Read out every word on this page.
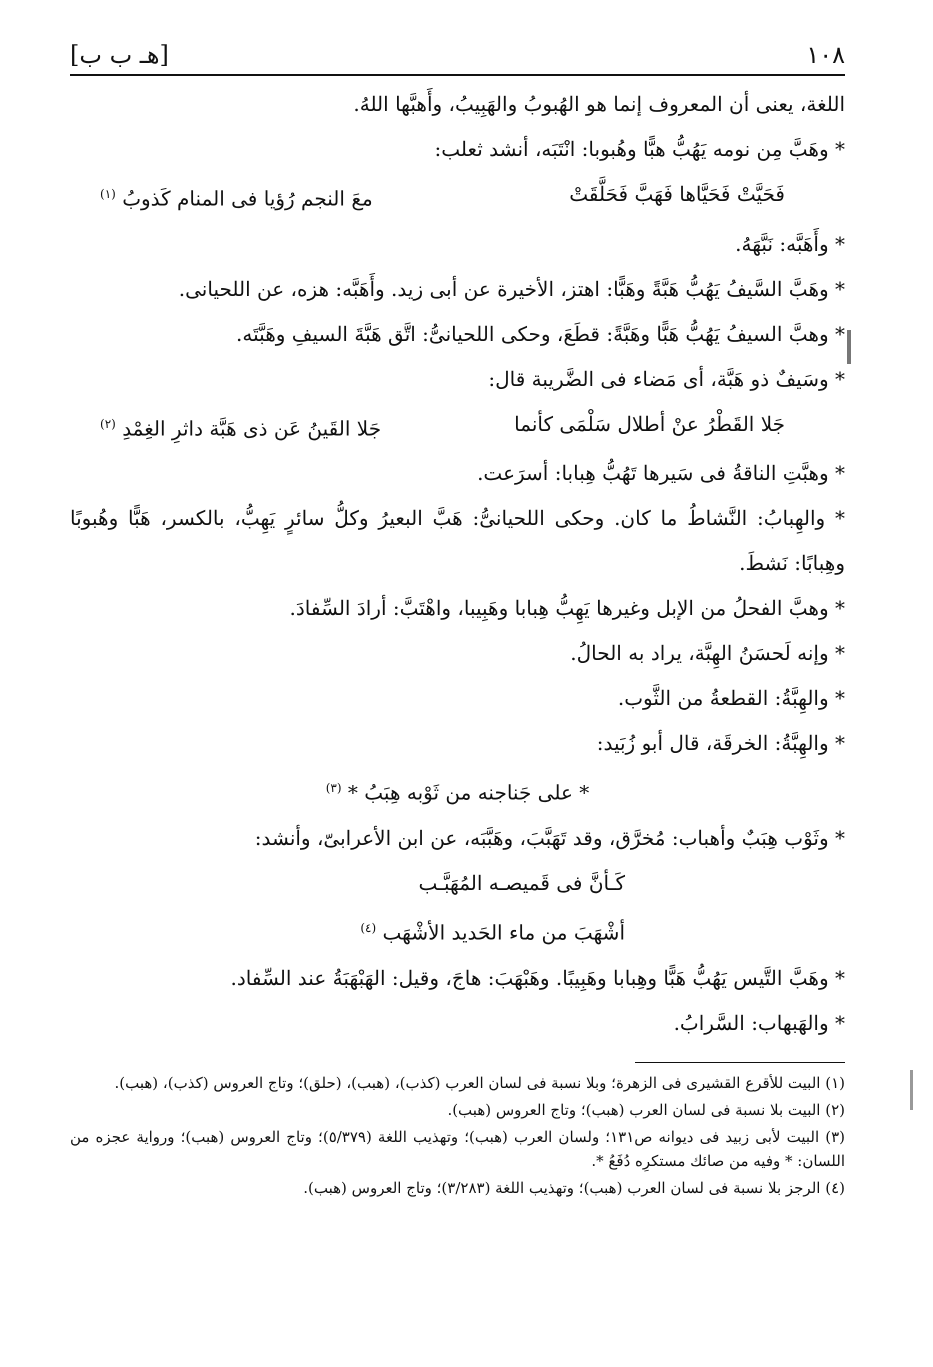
١٠٨
[هـ ب ب]

اللغة، يعنى أن المعروف إنما هو الهُبوبُ والهَبِيبُ، وأَهبَّها اللهُ.

* وهَبَّ مِن نومه يَهُبُّ هبًّا وهُبوبا: انْتَبَه، أنشد ثعلب:

فَحَيَّتْ فَحَيَّاها فَهَبَّ فَحَلَّقَتْ
معَ النجم رُؤيا فى المنام كَذوبُ $^{(١)}$

* وأَهَبَّه: نَبَّهَهُ.

* وهَبَّ السَّيفُ يَهُبُّ هَبَّةً وهَبًّا: اهتز، الأخيرة عن أبى زيد. وأَهَبَّه: هزه، عن اللحيانى.

* وهبَّ السيفُ يَهُبُّ هَبًّا وهَبَّةً: قطَعَ، وحكى اللحيانىُّ: اتَّق هَبَّةَ السيفِ وهَبَّتَه.

* وسَيفٌ ذو هَبَّة، أى مَضاء فى الضَّريبة قال:

جَلا القَطْرُ عنْ أطلال سَلْمَى كأنما
جَلا القَينُ عَن ذى هَبَّة داثرِ الغِمْدِ $^{(٢)}$

* وهبَّتِ الناقةُ فى سَيرها تَهُبُّ هِبابا: أسرَعت.

* والهِبابُ: النَّشاطُ ما كان. وحكى اللحيانىُّ: هَبَّ البعيرُ وكلُّ سائرٍ يَهِبُّ، بالكسر، هَبًّا وهُبوبًا وهِبابًا: نَشطَ.

* وهبَّ الفحلُ من الإبل وغيرها يَهِبُّ هِبابا وهَبِيبا، واهْتَبَّ: أرادَ السِّفادَ.

* وإنه لَحسَنُ الهِبَّة، يراد به الحالُ.

* والهِبَّةُ: القطعةُ من الثَّوب.

* والهِبَّةُ: الخرقَة، قال أبو زُبَيد:

* على جَناجنه من ثَوْبه هِبَبُ * $^{(٣)}$

* وثَوْب هِبَبٌ وأهباب: مُخرَّق، وقد تَهَبَّبَ، وهَبَّبَه، عن ابن الأعرابىّ، وأنشد:

كَـأنَّ فى قَميصـه المُهَبَّـب
أشْهَبَ من ماء الحَديد الأشْهَب $^{(٤)}$

* وهَبَّ التَّيس يَهُبُّ هَبًّا وهِبابا وهَبِيبًا. وهَبْهَبَ: هاجَ، وقيل: الهَبْهَبَةُ عند السِّفاد.

* والهَبهاب: السَّرابُ.

(١) البيت للأقرع القشيرى فى الزهرة؛ وبلا نسبة فى لسان العرب (كذب)، (هبب)، (حلق)؛ وتاج العروس (كذب)، (هبب).

(٢) البيت بلا نسبة فى لسان العرب (هبب)؛ وتاج العروس (هبب).

(٣) البيت لأبى زبيد فى ديوانه ص١٣١؛ ولسان العرب (هبب)؛ وتهذيب اللغة (٥/٣٧٩)؛ وتاج العروس (هبب)؛ ورواية عجزه من اللسان: * وفيه من صائك مستكرِه دُفَعُ *.

(٤) الرجز بلا نسبة فى لسان العرب (هبب)؛ وتهذيب اللغة (٣/٢٨٣)؛ وتاج العروس (هبب).
